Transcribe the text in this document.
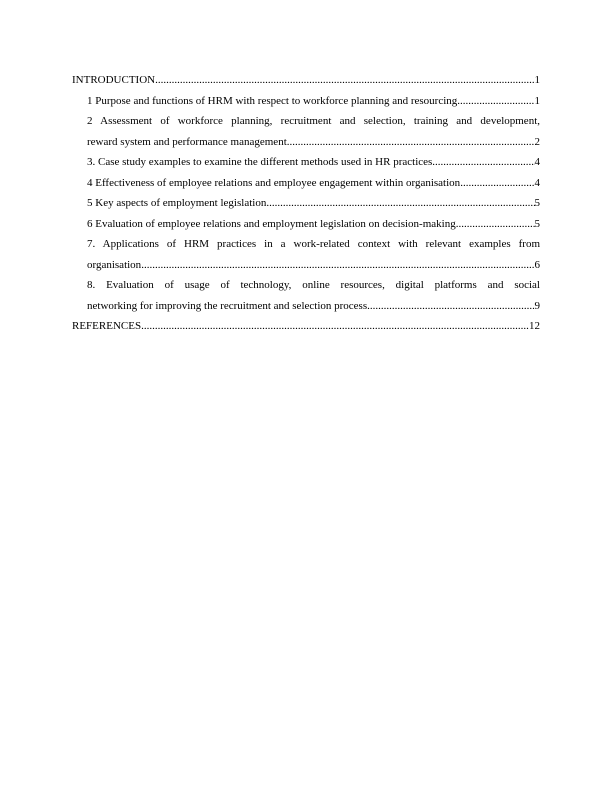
INTRODUCTION .....	1
1 Purpose and functions of HRM with respect to workforce planning and resourcing .....	1
2 Assessment of workforce planning, recruitment and selection, training and development,
reward system and performance management .....	2
3. Case study examples to examine the different methods used in HR practices .....	4
4 Effectiveness of employee relations and employee engagement within organisation .....	4
5 Key aspects of employment legislation .....	5
6 Evaluation of employee relations and employment legislation on decision-making .....	5
7. Applications of HRM practices in a work-related context with relevant examples from
organisation .....	6
8. Evaluation of usage of technology, online resources, digital platforms and social
networking for improving the recruitment and selection process .....	9
REFERENCES .....	12
